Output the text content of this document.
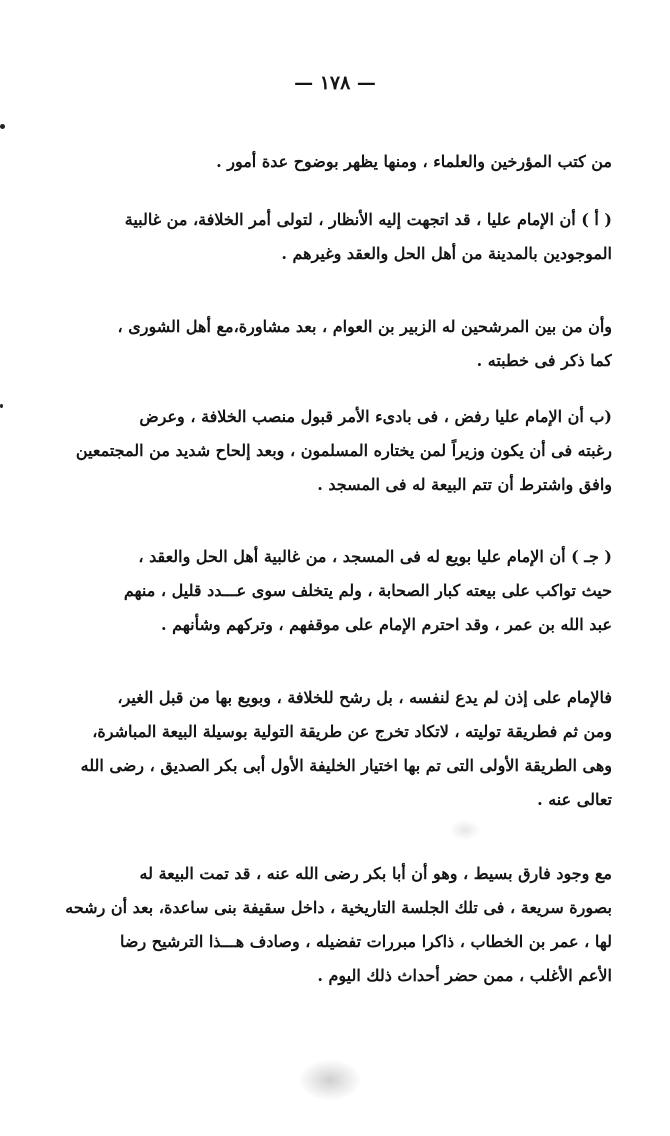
— ١٧٨ —
من كتب المؤرخين والعلماء ، ومنها يظهر بوضوح عدة أمور .
( أ ) أن الإمام عليا ، قد اتجهت إليه الأنظار ، لتولى أمر الخلافة، من غالبية
الموجودين بالمدينة من أهل الحل والعقد وغيرهم .
وأن من بين المرشحين له الزبير بن العوام ، بعد مشاورة،مع أهل الشورى ،
كما ذكر فى خطبته .
(ب أن الإمام عليا رفض ، فى بادىء الأمر قبول منصب الخلافة ، وعرض
رغبته فى أن يكون وزيراً لمن يختاره المسلمون ، وبعد إلحاح شديد من المجتمعين
وافق واشترط أن تتم البيعة له فى المسجد .
( جـ ) أن الإمام عليا بويع له فى المسجد ، من غالبية أهل الحل والعقد ،
حيث تواكب على بيعته كبار الصحابة ، ولم يتخلف سوى عـــدد قليل ، منهم
عبد الله بن عمر ، وقد احترم الإمام على موقفهم ، وتركهم وشأنهم .
فالإمام على إذن لم يدع لنفسه ، بل رشح للخلافة ، وبويع بها من قبل الغير،
ومن ثم فطريقة توليته ، لاتكاد تخرج عن طريقة التولية بوسيلة البيعة المباشرة،
وهى الطريقة الأولى التى تم بها اختيار الخليفة الأول أبى بكر الصديق ، رضى الله
تعالى عنه .
مع وجود فارق بسيط ، وهو أن أبا بكر رضى الله عنه ، قد تمت البيعة له
بصورة سريعة ، فى تلك الجلسة التاريخية ، داخل سقيفة بنى ساعدة، بعد أن رشحه
لها ، عمر بن الخطاب ، ذاكرا مبررات تفضيله ، وصادف هـــذا الترشيح رضا
الأعم الأغلب ، ممن حضر أحداث ذلك اليوم .
